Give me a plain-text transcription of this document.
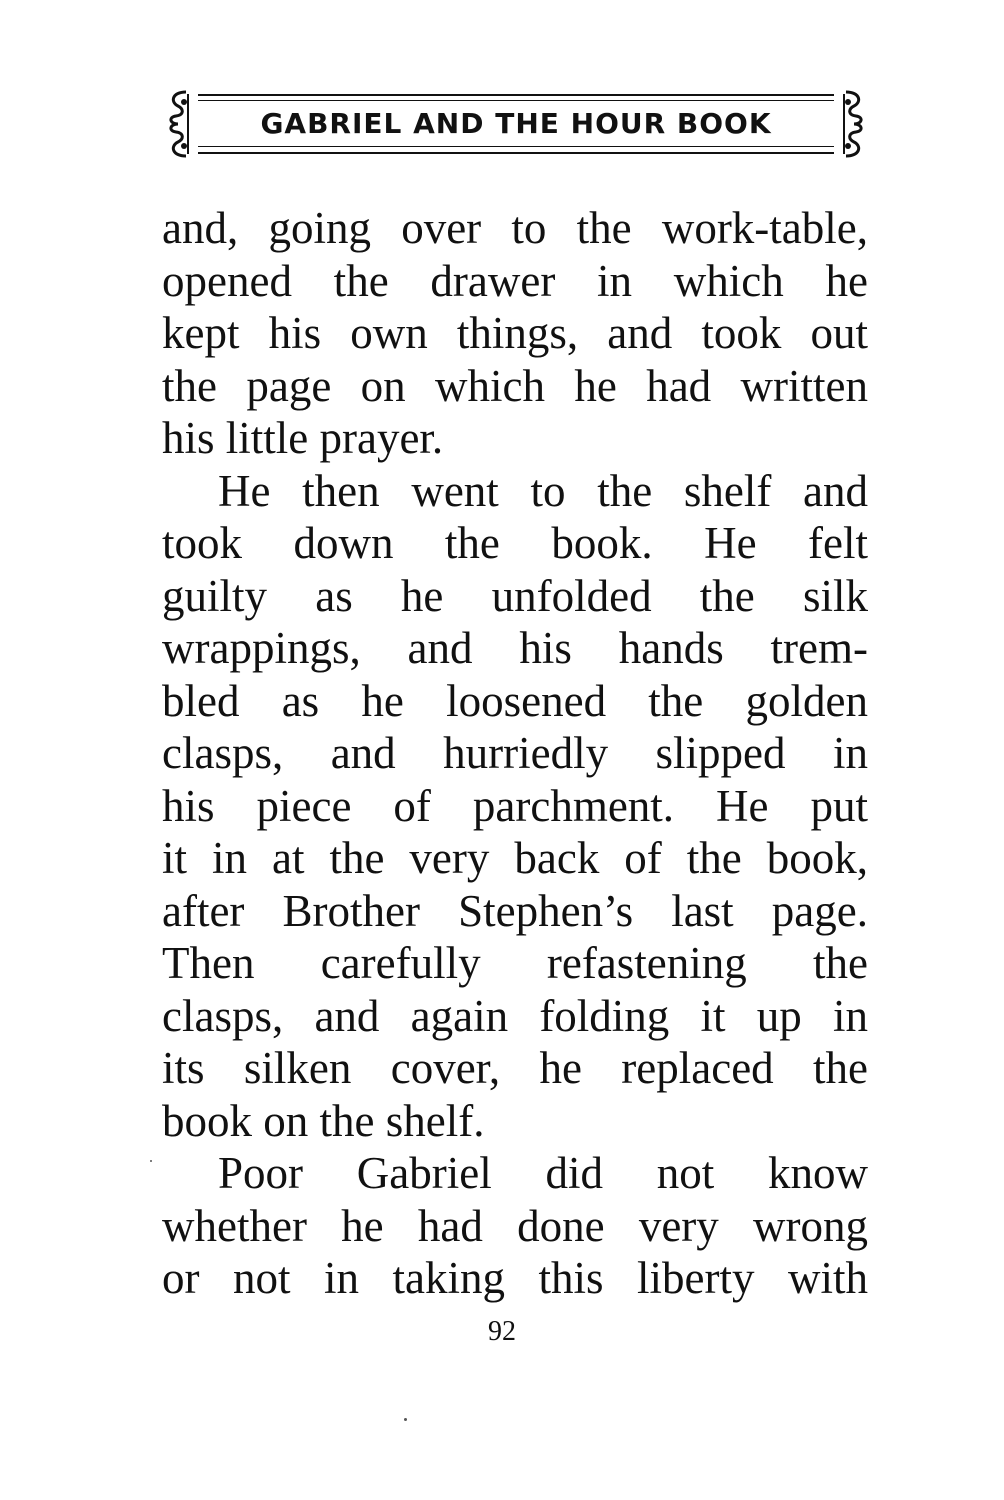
GABRIEL AND THE HOUR BOOK
and, going over to the work-table,
opened the drawer in which he
kept his own things, and took out
the page on which he had written
his little prayer.
He then went to the shelf and
took down the book. He felt
guilty as he unfolded the silk
wrappings, and his hands trem-
bled as he loosened the golden
clasps, and hurriedly slipped in
his piece of parchment. He put
it in at the very back of the book,
after Brother Stephen’s last page.
Then carefully refastening the
clasps, and again folding it up in
its silken cover, he replaced the
book on the shelf.
Poor Gabriel did not know
whether he had done very wrong
or not in taking this liberty with
92
